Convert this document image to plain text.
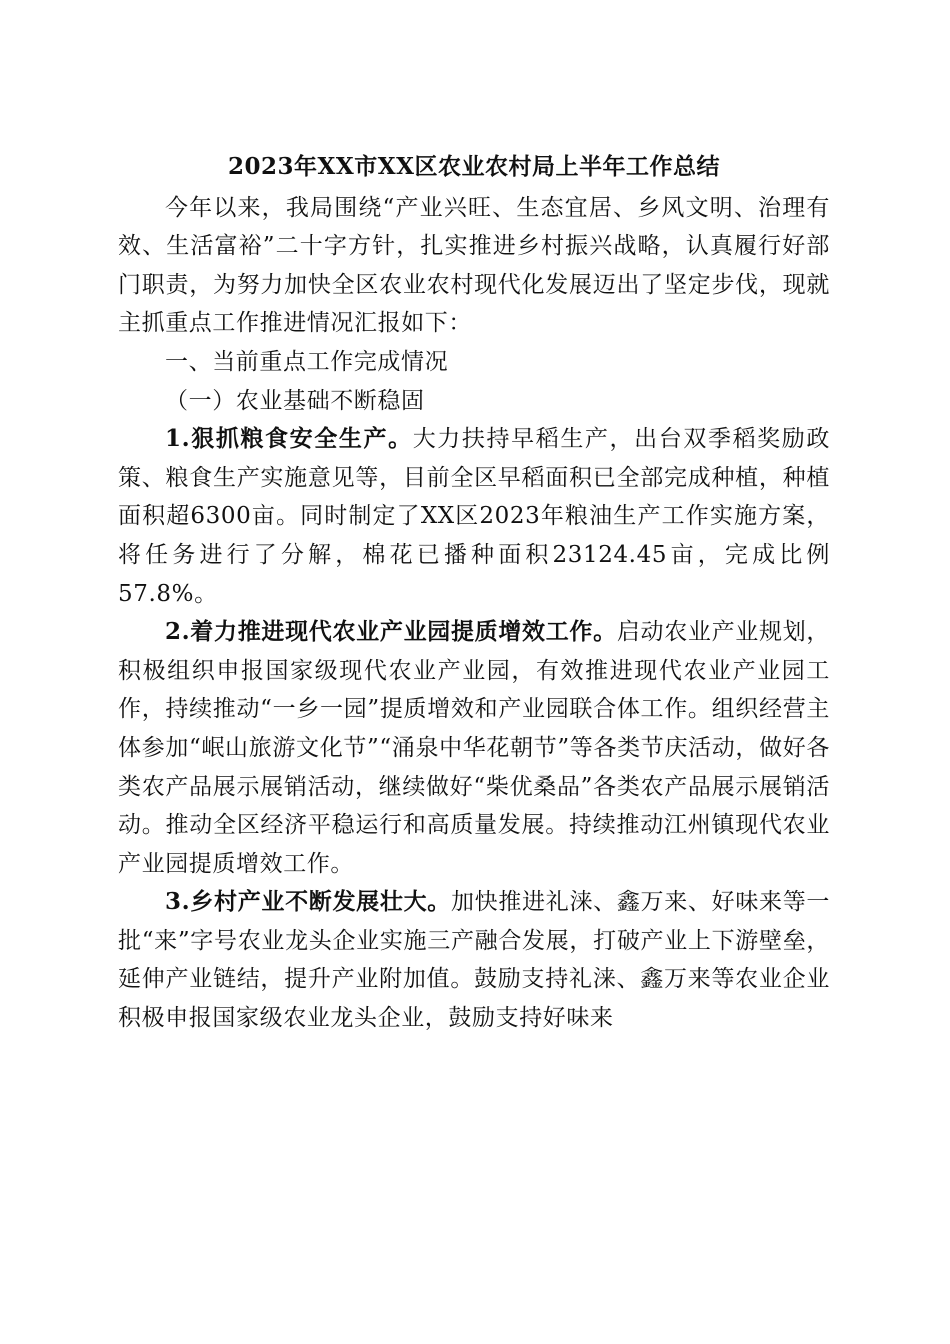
2023年XX市XX区农业农村局上半年工作总结

今年以来，我局围绕“产业兴旺、生态宜居、乡风文明、治理有效、生活富裕”二十字方针，扎实推进乡村振兴战略，认真履行好部门职责，为努力加快全区农业农村现代化发展迈出了坚定步伐，现就主抓重点工作推进情况汇报如下：

一、当前重点工作完成情况

（一）农业基础不断稳固

1.狠抓粮食安全生产。大力扶持早稻生产，出台双季稻奖励政策、粮食生产实施意见等，目前全区早稻面积已全部完成种植，种植面积超6300亩。同时制定了XX区2023年粮油生产工作实施方案，将任务进行了分解，棉花已播种面积23124.45亩，完成比例57.8%。

2.着力推进现代农业产业园提质增效工作。启动农业产业规划，积极组织申报国家级现代农业产业园，有效推进现代农业产业园工作，持续推动“一乡一园”提质增效和产业园联合体工作。组织经营主体参加“岷山旅游文化节”“涌泉中华花朝节”等各类节庆活动，做好各类农产品展示展销活动，继续做好“柴优桑品”各类农产品展示展销活动。推动全区经济平稳运行和高质量发展。持续推动江州镇现代农业产业园提质增效工作。

3.乡村产业不断发展壮大。加快推进礼涞、鑫万来、好味来等一批“来”字号农业龙头企业实施三产融合发展，打破产业上下游壁垒，延伸产业链结，提升产业附加值。鼓励支持礼涞、鑫万来等农业企业积极申报国家级农业龙头企业，鼓励支持好味来
